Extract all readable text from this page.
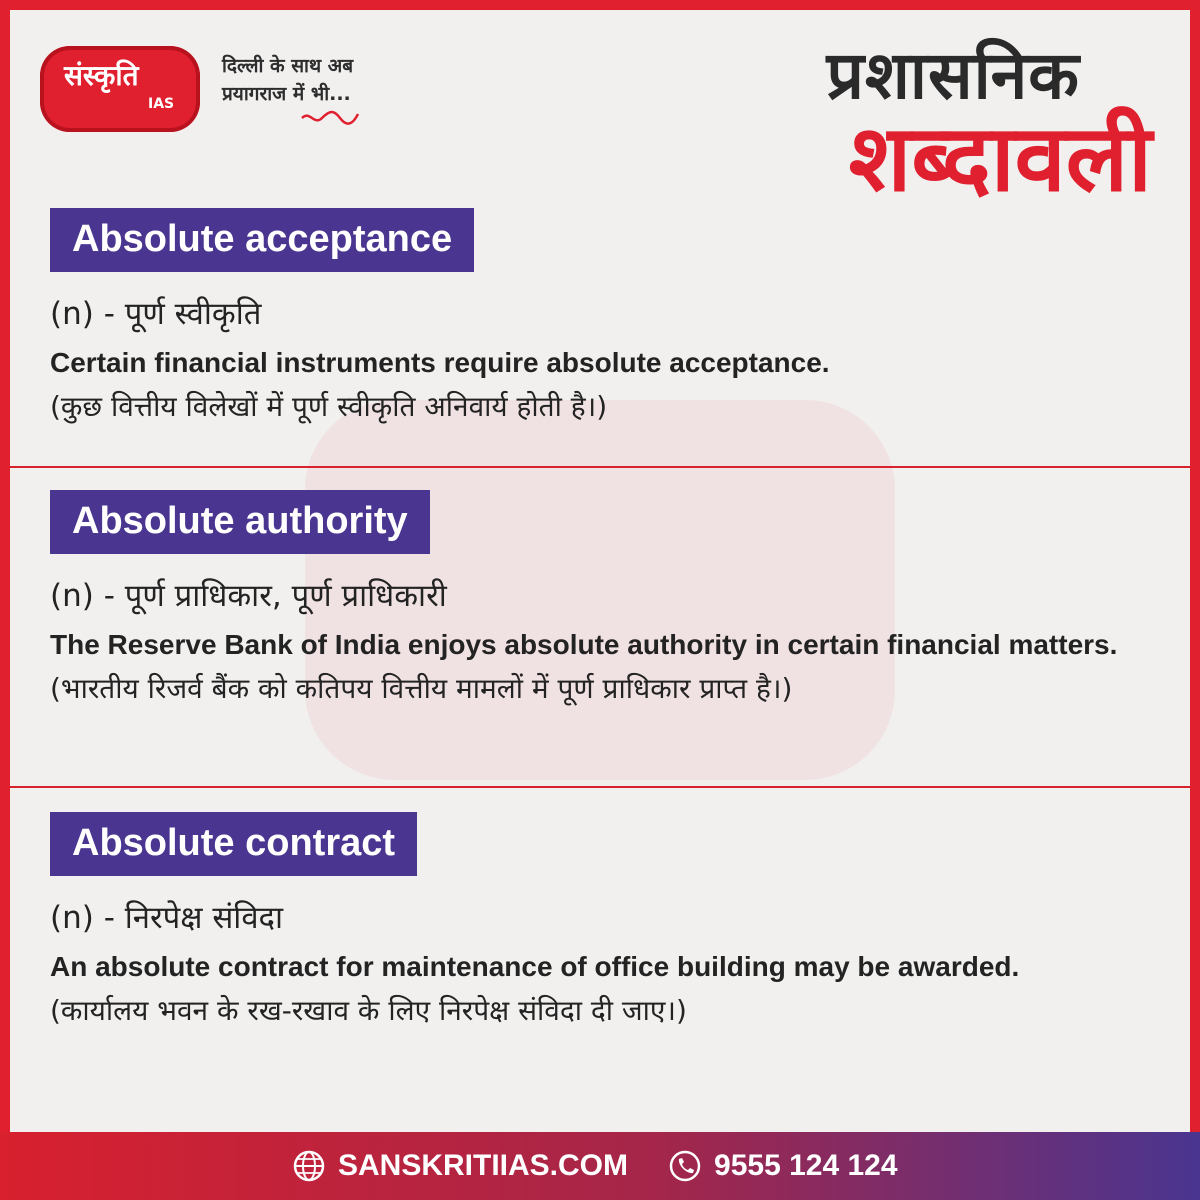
संस्कृति
IAS
दिल्ली के साथ अब
प्रयागराज में भी...	प्रशासनिक
शब्दावली
Absolute acceptance
(n) - पूर्ण स्वीकृति
Certain financial instruments require absolute acceptance.
(कुछ वित्तीय विलेखों में पूर्ण स्वीकृति अनिवार्य होती है।)
Absolute authority
(n) - पूर्ण प्राधिकार, पूर्ण प्राधिकारी
The Reserve Bank of India enjoys absolute authority in certain financial matters.
(भारतीय रिजर्व बैंक को कतिपय वित्तीय मामलों में पूर्ण प्राधिकार प्राप्त है।)
Absolute contract
(n) - निरपेक्ष संविदा
An absolute contract for maintenance of office building may be awarded.
(कार्यालय भवन के रख-रखाव के लिए निरपेक्ष संविदा दी जाए।)
SANSKRITIIAS.COM	9555 124 124
